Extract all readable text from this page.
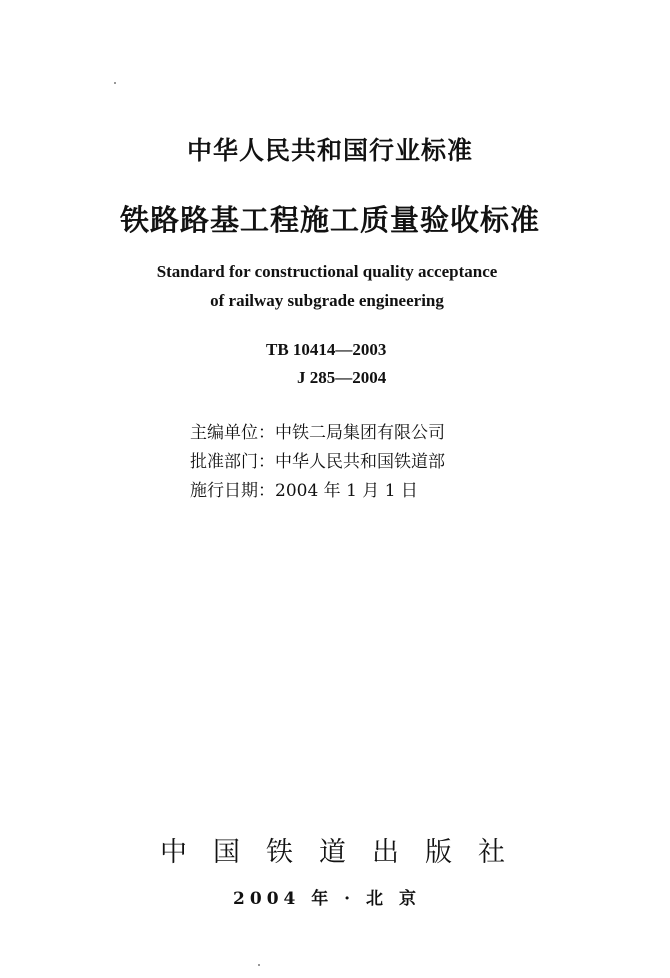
中华人民共和国行业标准
铁路路基工程施工质量验收标准
Standard for constructional quality acceptance
of railway subgrade engineering
TB 10414—2003
J 285—2004
主编单位：中铁二局集团有限公司
批准部门：中华人民共和国铁道部
施行日期：2004 年 1 月 1 日
中 国 铁 道 出 版 社
2004 年 · 北 京
